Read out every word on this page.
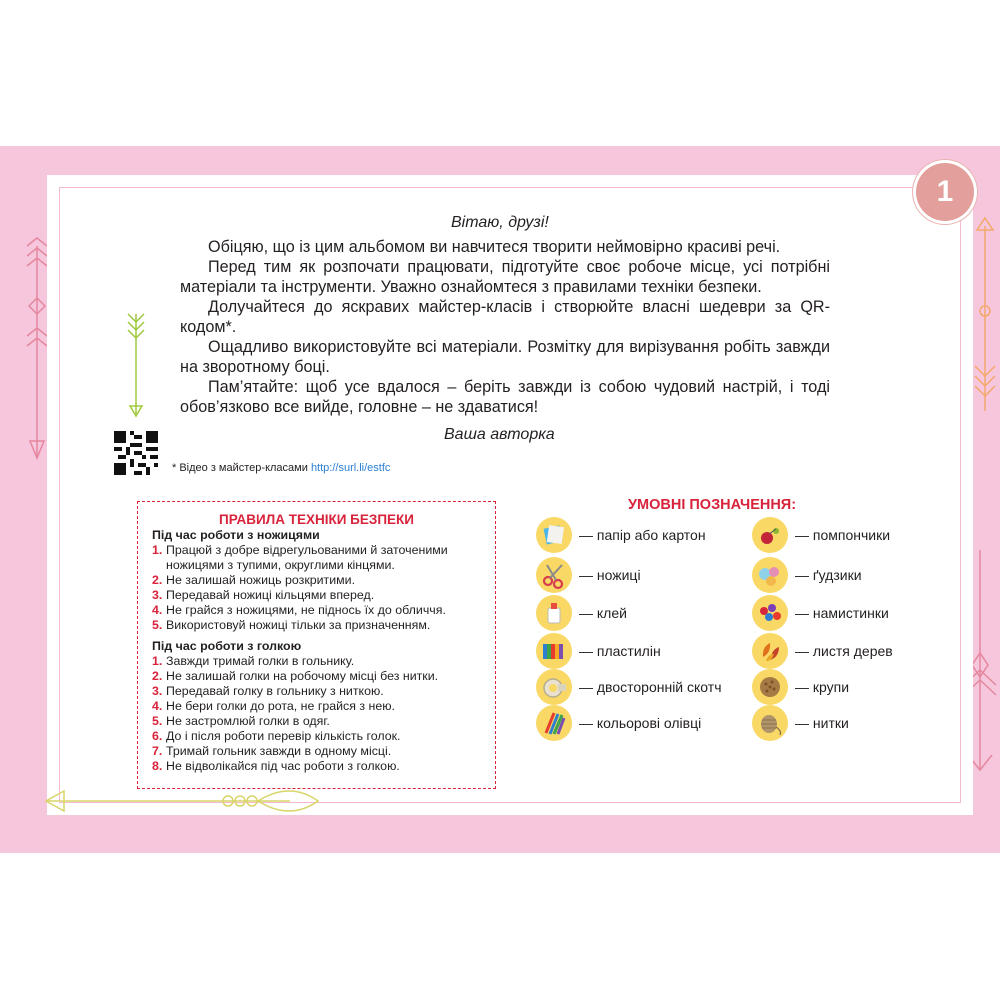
1
Вітаю, друзі!

Обіцяю, що із цим альбомом ви навчитеся творити неймовірно красиві речі.

Перед тим як розпочати працювати, підготуйте своє робоче місце, усі потрібні матеріали та інструменти. Уважно ознайомтеся з правилами техніки безпеки.

Долучайтеся до яскравих майстер-класів і створюйте власні шедеври за QR-кодом*.

Ощадливо використовуйте всі матеріали. Розмітку для вирізування робіть завжди на зворотному боці.

Пам’ятайте: щоб усе вдалося – беріть завжди із собою чудовий настрій, і тоді обов’язково все вийде, головне – не здаватися!

Ваша авторка
* Відео з майстер-класами http://surl.li/estfc
ПРАВИЛА ТЕХНІКИ БЕЗПЕКИ
Під час роботи з ножицями
1. Працюй з добре відрегульованими й заточеними ножицями з тупими, округлими кінцями.
2. Не залишай ножиць розкритими.
3. Передавай ножиці кільцями вперед.
4. Не грайся з ножицями, не піднось їх до обличчя.
5. Використовуй ножиці тільки за призначенням.
Під час роботи з голкою
1. Завжди тримай голки в гольнику.
2. Не залишай голки на робочому місці без нитки.
3. Передавай голку в гольнику з ниткою.
4. Не бери голки до рота, не грайся з нею.
5. Не застромлюй голки в одяг.
6. До і після роботи перевір кількість голок.
7. Тримай гольник завжди в одному місці.
8. Не відволікайся під час роботи з голкою.
УМОВНІ ПОЗНАЧЕННЯ:
— папір або картон
— ножиці
— клей
— пластилін
— двосторонній скотч
— кольорові олівці
— помпончики
— ґудзики
— намистинки
— листя дерев
— крупи
— нитки
